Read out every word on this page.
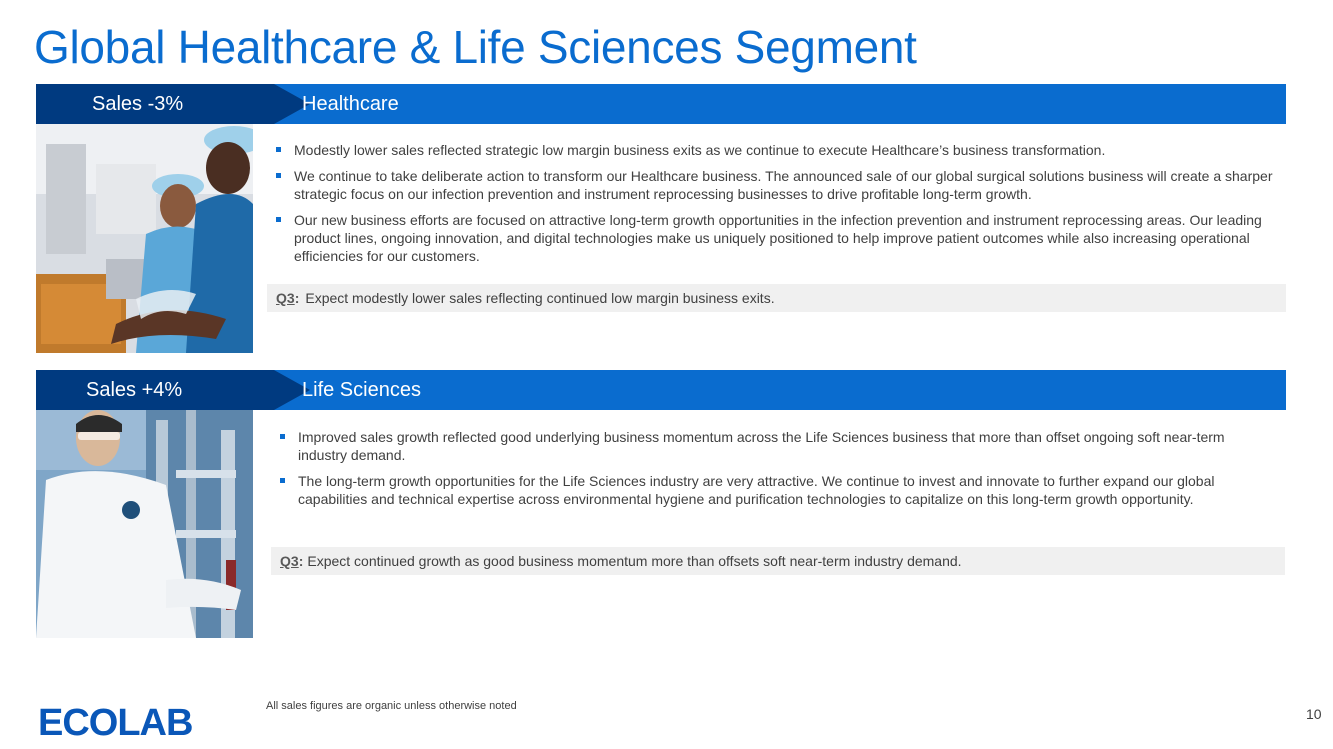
Global Healthcare & Life Sciences Segment
Sales -3%	Healthcare
Modestly lower sales reflected strategic low margin business exits as we continue to execute Healthcare’s business transformation.
We continue to take deliberate action to transform our Healthcare business. The announced sale of our global surgical solutions business will create a sharper strategic focus on our infection prevention and instrument reprocessing businesses to drive profitable long-term growth.
Our new business efforts are focused on attractive long-term growth opportunities in the infection prevention and instrument reprocessing areas. Our leading product lines, ongoing innovation, and digital technologies make us uniquely positioned to help improve patient outcomes while also increasing operational efficiencies for our customers.
Q3 : Expect modestly lower sales reflecting continued low margin business exits.
Sales +4%	Life Sciences
Improved sales growth reflected good underlying business momentum across the Life Sciences business that more than offset ongoing soft near-term industry demand.
The long-term growth opportunities for the Life Sciences industry are very attractive. We continue to invest and innovate to further expand our global capabilities and technical expertise across environmental hygiene and purification technologies to capitalize on this long-term growth opportunity.
Q3 : Expect continued growth as good business momentum more than offsets soft near-term industry demand.
ECOLAB	All sales figures are organic unless otherwise noted	10
